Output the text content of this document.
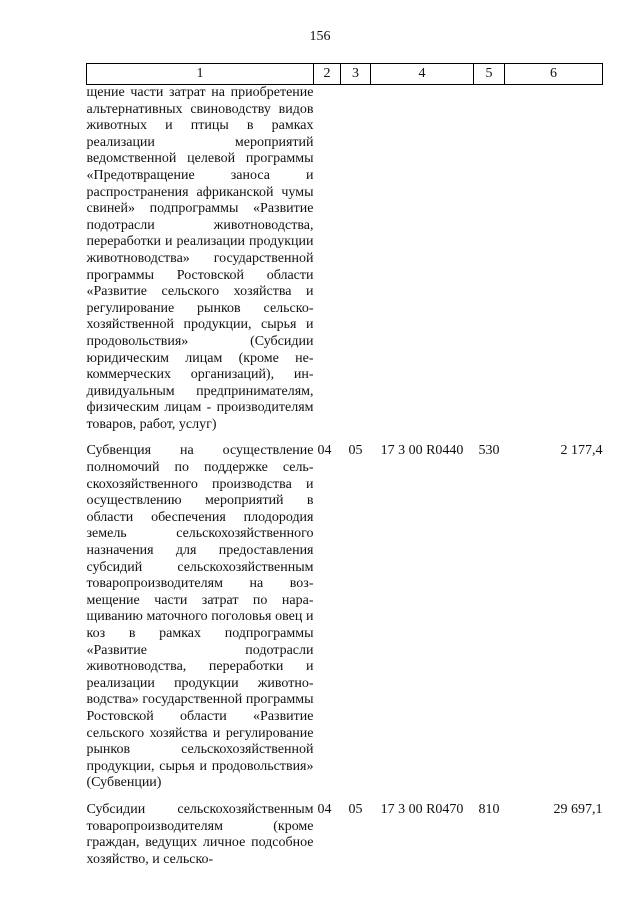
156
1	2	3	4	5	6
щение части затрат на приобретение альтернативных свиноводству видов животных и птицы в рамках реализации мероприятий ведомственной целевой программы «Предотвращение заноса и распространения африканской чумы свиней» подпрограммы «Развитие подотрасли животноводства, переработки и реализации продукции животноводства» государственной программы Ростовской области «Развитие сельского хозяйства и регулирование рынков сельскохозяйственной продукции, сырья и продовольствия» (Субсидии юридическим лицам (кроме некоммерческих организаций), индивидуальным предпринимателям, физическим лицам - производителям товаров, работ, услуг)					

Субвенция на осуществление полномочий по поддержке сельскохозяйственного производства и осуществлению мероприятий в области обеспечения плодородия земель сельскохозяйственного назначения для предоставления субсидий сельскохозяйственным товаропроизводителям на возмещение части затрат по наращиванию маточного поголовья овец и коз в рамках подпрограммы «Развитие подотрасли животноводства, переработки и реализации продукции животноводства» государственной программы Ростовской области «Развитие сельского хозяйства и регулирование рынков сельскохозяйственной продукции, сырья и продовольствия» (Субвенции)	04	05	17 3 00 R0440	530	2 177,4

Субсидии сельскохозяйственным товаропроизводителям (кроме граждан, ведущих личное подсобное хозяйство, и сельско-	04	05	17 3 00 R0470	810	29 697,1
